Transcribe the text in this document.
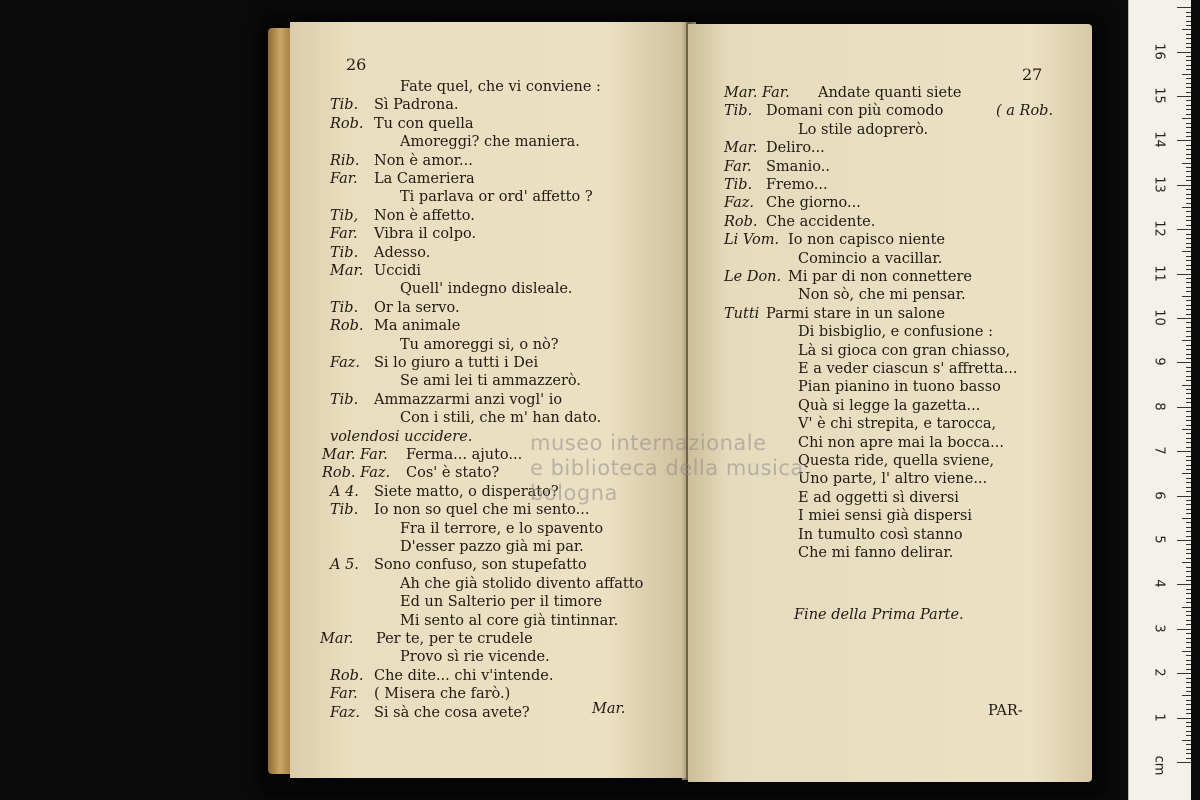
26
Fate quel, che vi conviene :
Tib. Sì Padrona.
Rob. Tu con quella
Amoreggi? che maniera.
Rib. Non è amor...
Far. La Cameriera
Ti parlava or ord' affetto ?
Tib, Non è affetto.
Far. Vibra il colpo.
Tib. Adesso.
Mar. Uccidi
Quell' indegno disleale.
Tib. Or la servo.
Rob. Ma animale
Tu amoreggi si, o nò?
Faz. Si lo giuro a tutti i Dei
Se ami lei ti ammazzerò.
Tib. Ammazzarmi anzi vogl' io
Con i stili, che m' han dato.
volendosi uccidere.
Mar. Far. Ferma... ajuto...
Rob. Faz. Cos' è stato?
A 4. Siete matto, o disperato?
Tib. Io non so quel che mi sento...
Fra il terrore, e lo spavento
D'esser pazzo già mi par.
A 5. Sono confuso, son stupefatto
Ah che già stolido divento affatto
Ed un Salterio per il timore
Mi sento al core già tintinnar.
Mar. Per te, per te crudele
Provo sì rie vicende.
Rob. Che dite... chi v'intende.
Far. ( Misera che farò.)
Faz. Si sà che cosa avete?	Mar.
27
Mar. Far. Andate quanti siete
Tib. Domani con più comodo	( a Rob.
Lo stile adoprerò.
Mar. Deliro...
Far. Smanio..
Tib. Fremo...
Faz. Che giorno...
Rob. Che accidente.
Li Vom. Io non capisco niente
Comincio a vacillar.
Le Don. Mi par di non connettere
Non sò, che mi pensar.
Tutti Parmi stare in un salone
Di bisbiglio, e confusione :
Là si gioca con gran chiasso,
E a veder ciascun s' affretta...
Pian pianino in tuono basso
Quà si legge la gazetta...
V' è chi strepita, e tarocca,
Chi non apre mai la bocca...
Questa ride, quella sviene,
Uno parte, l' altro viene...
E ad oggetti sì diversi
I miei sensi già dispersi
In tumulto così stanno
Che mi fanno delirar.
Fine della Prima Parte.
PAR-
museo internazionale
e biblioteca della musica
bologna
cm
1
2
3
4
5
6
7
8
9
10
11
12
13
14
15
16
